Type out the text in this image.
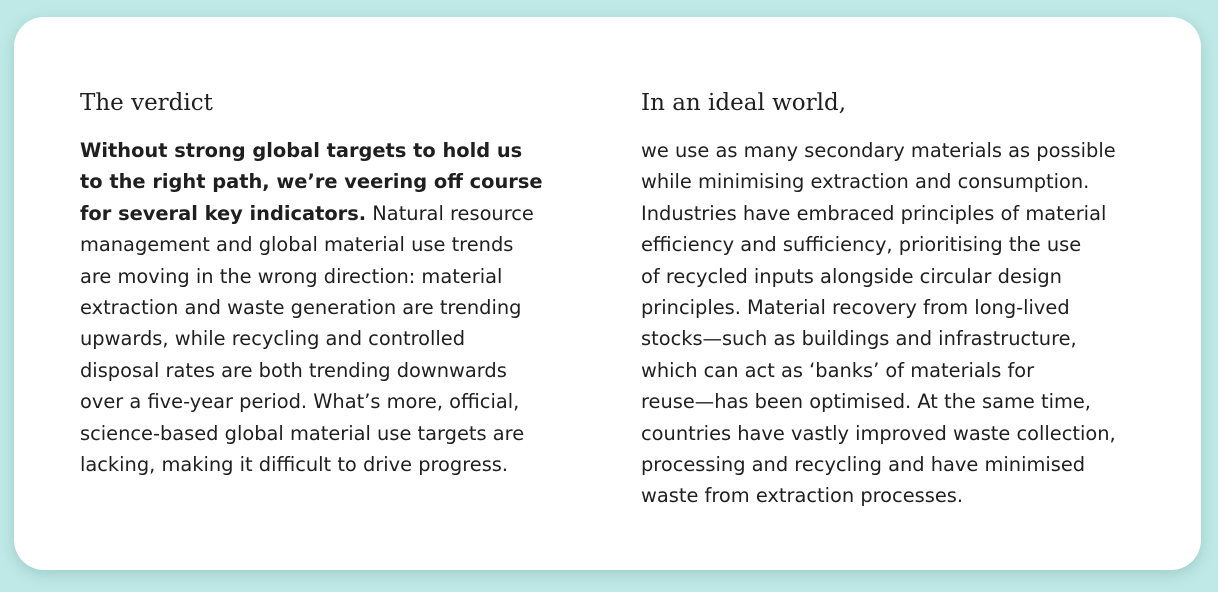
The verdict

Without strong global targets to hold us
to the right path, we’re veering off course
for several key indicators. Natural resource
management and global material use trends
are moving in the wrong direction: material
extraction and waste generation are trending
upwards, while recycling and controlled
disposal rates are both trending downwards
over a five-year period. What’s more, official,
science-based global material use targets are
lacking, making it difficult to drive progress.

In an ideal world,

we use as many secondary materials as possible
while minimising extraction and consumption.
Industries have embraced principles of material
efficiency and sufficiency, prioritising the use
of recycled inputs alongside circular design
principles. Material recovery from long-lived
stocks—such as buildings and infrastructure,
which can act as ‘banks’ of materials for
reuse—has been optimised. At the same time,
countries have vastly improved waste collection,
processing and recycling and have minimised
waste from extraction processes.
